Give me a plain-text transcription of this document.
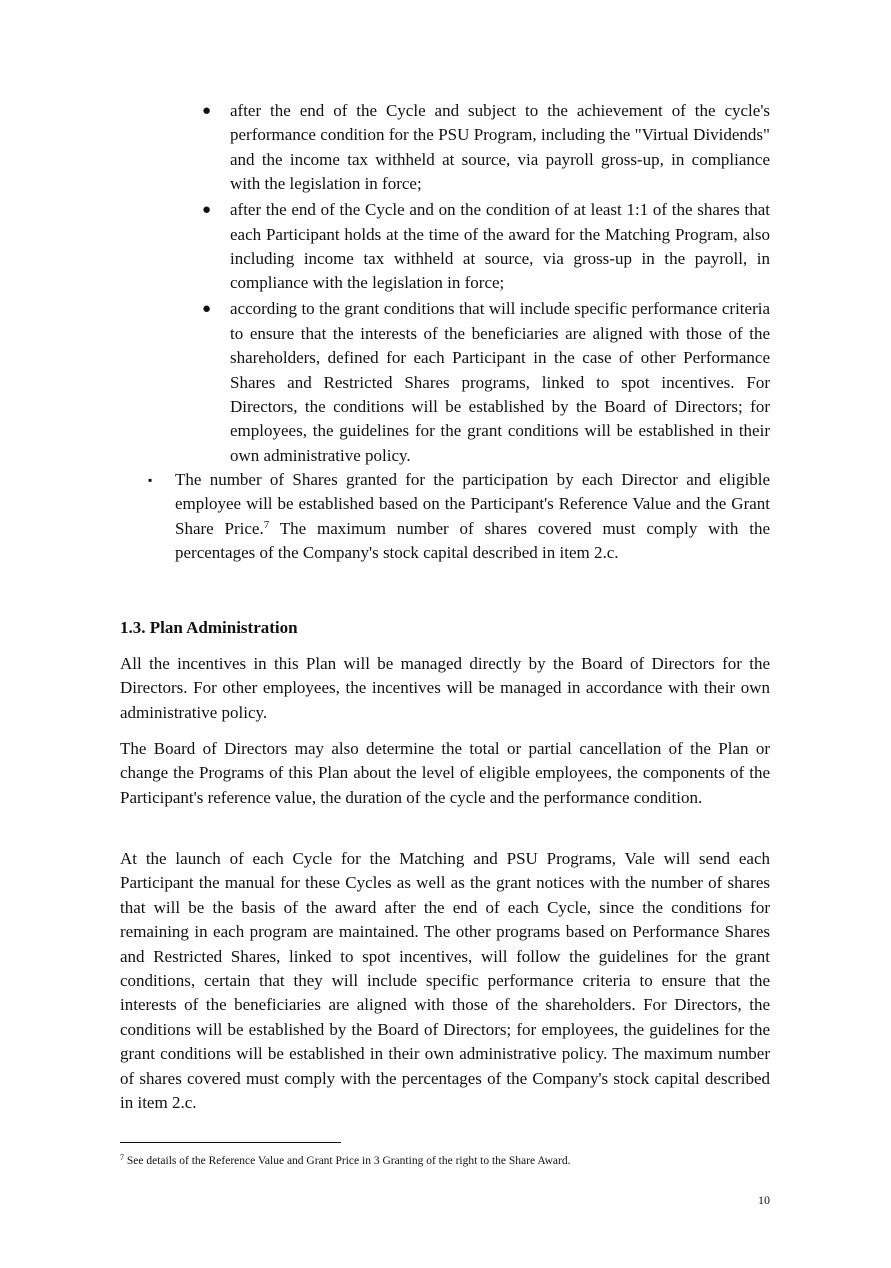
● after the end of the Cycle and subject to the achievement of the cycle's performance condition for the PSU Program, including the "Virtual Dividends" and the income tax withheld at source, via payroll gross-up, in compliance with the legislation in force;
● after the end of the Cycle and on the condition of at least 1:1 of the shares that each Participant holds at the time of the award for the Matching Program, also including income tax withheld at source, via gross-up in the payroll, in compliance with the legislation in force;
● according to the grant conditions that will include specific performance criteria to ensure that the interests of the beneficiaries are aligned with those of the shareholders, defined for each Participant in the case of other Performance Shares and Restricted Shares programs, linked to spot incentives. For Directors, the conditions will be established by the Board of Directors; for employees, the guidelines for the grant conditions will be established in their own administrative policy.
▪ The number of Shares granted for the participation by each Director and eligible employee will be established based on the Participant's Reference Value and the Grant Share Price.$^7$ The maximum number of shares covered must comply with the percentages of the Company's stock capital described in item 2.c.
1.3. Plan Administration

All the incentives in this Plan will be managed directly by the Board of Directors for the Directors. For other employees, the incentives will be managed in accordance with their own administrative policy.

The Board of Directors may also determine the total or partial cancellation of the Plan or change the Programs of this Plan about the level of eligible employees, the components of the Participant's reference value, the duration of the cycle and the performance condition.

At the launch of each Cycle for the Matching and PSU Programs, Vale will send each Participant the manual for these Cycles as well as the grant notices with the number of shares that will be the basis of the award after the end of each Cycle, since the conditions for remaining in each program are maintained. The other programs based on Performance Shares and Restricted Shares, linked to spot incentives, will follow the guidelines for the grant conditions, certain that they will include specific performance criteria to ensure that the interests of the beneficiaries are aligned with those of the shareholders. For Directors, the conditions will be established by the Board of Directors; for employees, the guidelines for the grant conditions will be established in their own administrative policy. The maximum number of shares covered must comply with the percentages of the Company's stock capital described in item 2.c.

$^7$ See details of the Reference Value and Grant Price in 3 Granting of the right to the Share Award.
10
